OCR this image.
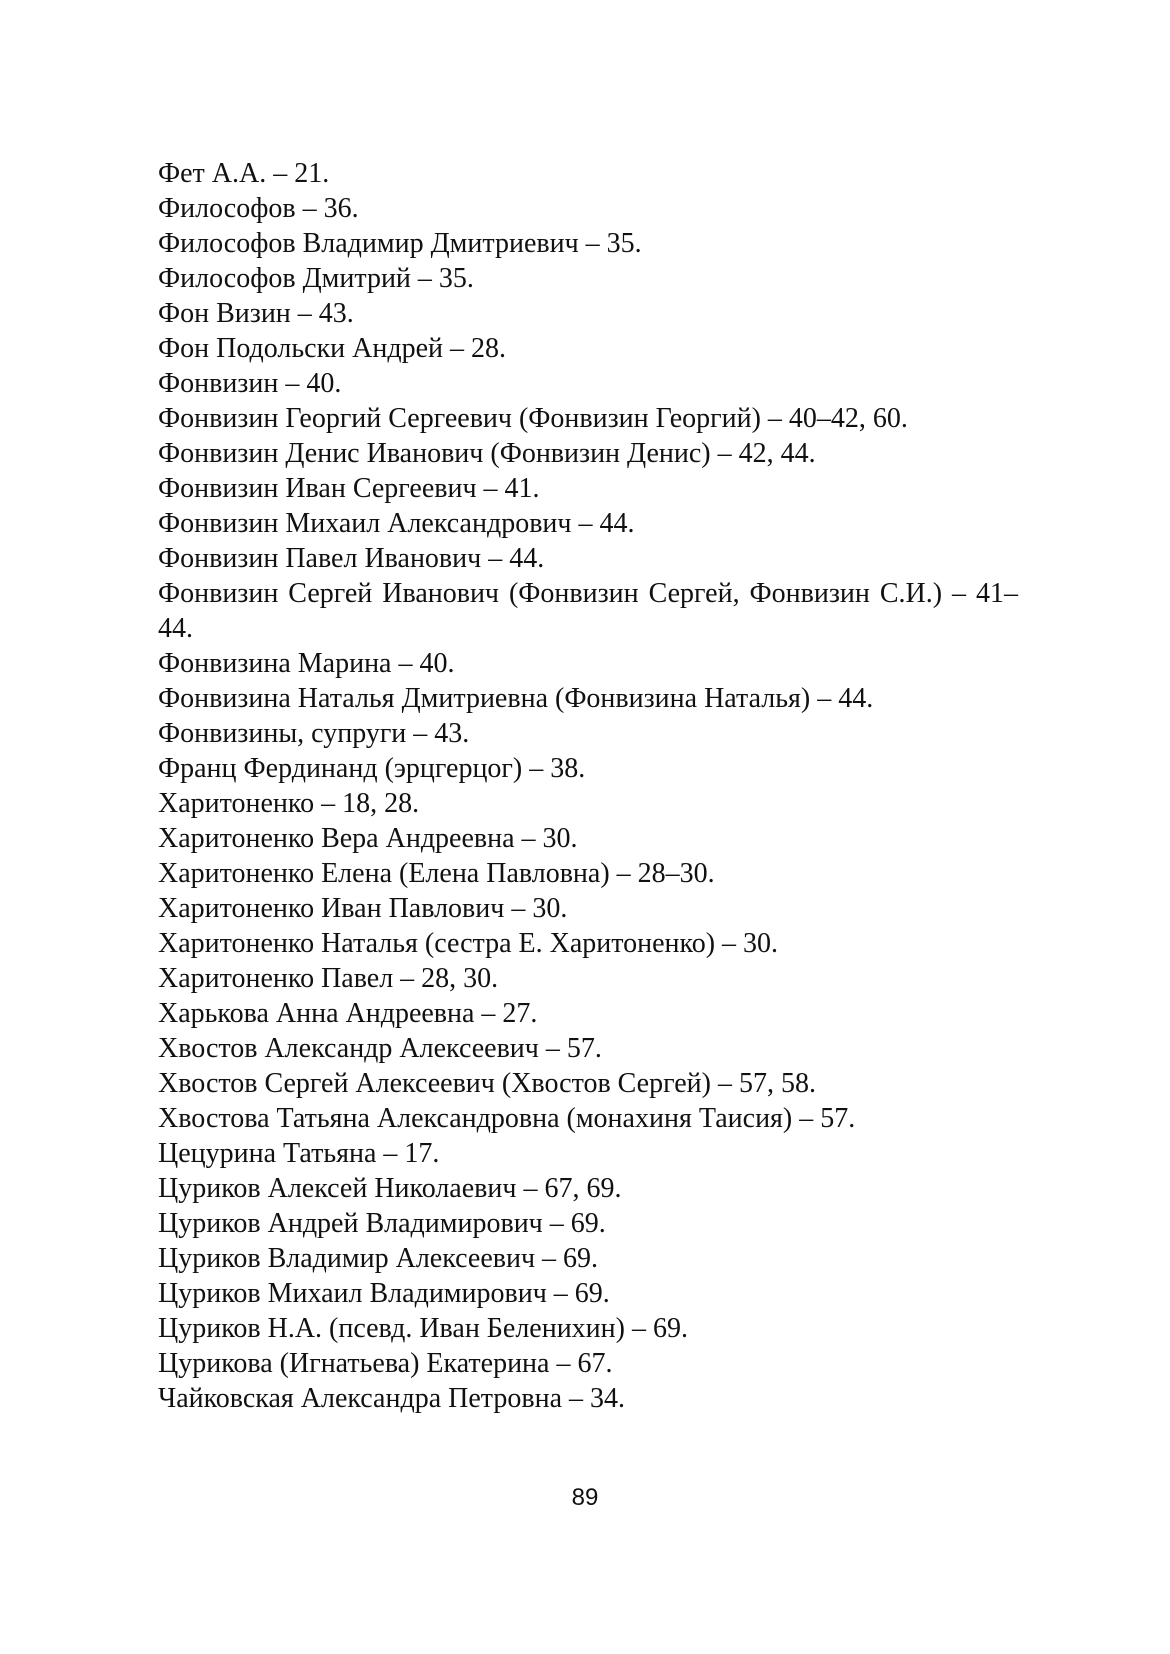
Фет А.А. – 21.
Философов – 36.
Философов Владимир Дмитриевич – 35.
Философов Дмитрий – 35.
Фон Визин – 43.
Фон Подольски Андрей – 28.
Фонвизин – 40.
Фонвизин Георгий Сергеевич (Фонвизин Георгий) – 40–42, 60.
Фонвизин Денис Иванович (Фонвизин Денис) – 42, 44.
Фонвизин Иван Сергеевич – 41.
Фонвизин Михаил Александрович – 44.
Фонвизин Павел Иванович – 44.
Фонвизин Сергей Иванович (Фонвизин Сергей, Фонвизин С.И.) – 41–44.
Фонвизина Марина – 40.
Фонвизина Наталья Дмитриевна (Фонвизина Наталья) – 44.
Фонвизины, супруги – 43.
Франц Фердинанд (эрцгерцог) – 38.
Харитоненко – 18, 28.
Харитоненко Вера Андреевна – 30.
Харитоненко Елена (Елена Павловна) – 28–30.
Харитоненко Иван Павлович – 30.
Харитоненко Наталья (сестра Е. Харитоненко) – 30.
Харитоненко Павел – 28, 30.
Харькова Анна Андреевна – 27.
Хвостов Александр Алексеевич – 57.
Хвостов Сергей Алексеевич (Хвостов Сергей) – 57, 58.
Хвостова Татьяна Александровна (монахиня Таисия) – 57.
Цецурина Татьяна – 17.
Цуриков Алексей Николаевич – 67, 69.
Цуриков Андрей Владимирович – 69.
Цуриков Владимир Алексеевич – 69.
Цуриков Михаил Владимирович – 69.
Цуриков Н.А. (псевд. Иван Беленихин) – 69.
Цурикова (Игнатьева) Екатерина – 67.
Чайковская Александра Петровна – 34.
89
